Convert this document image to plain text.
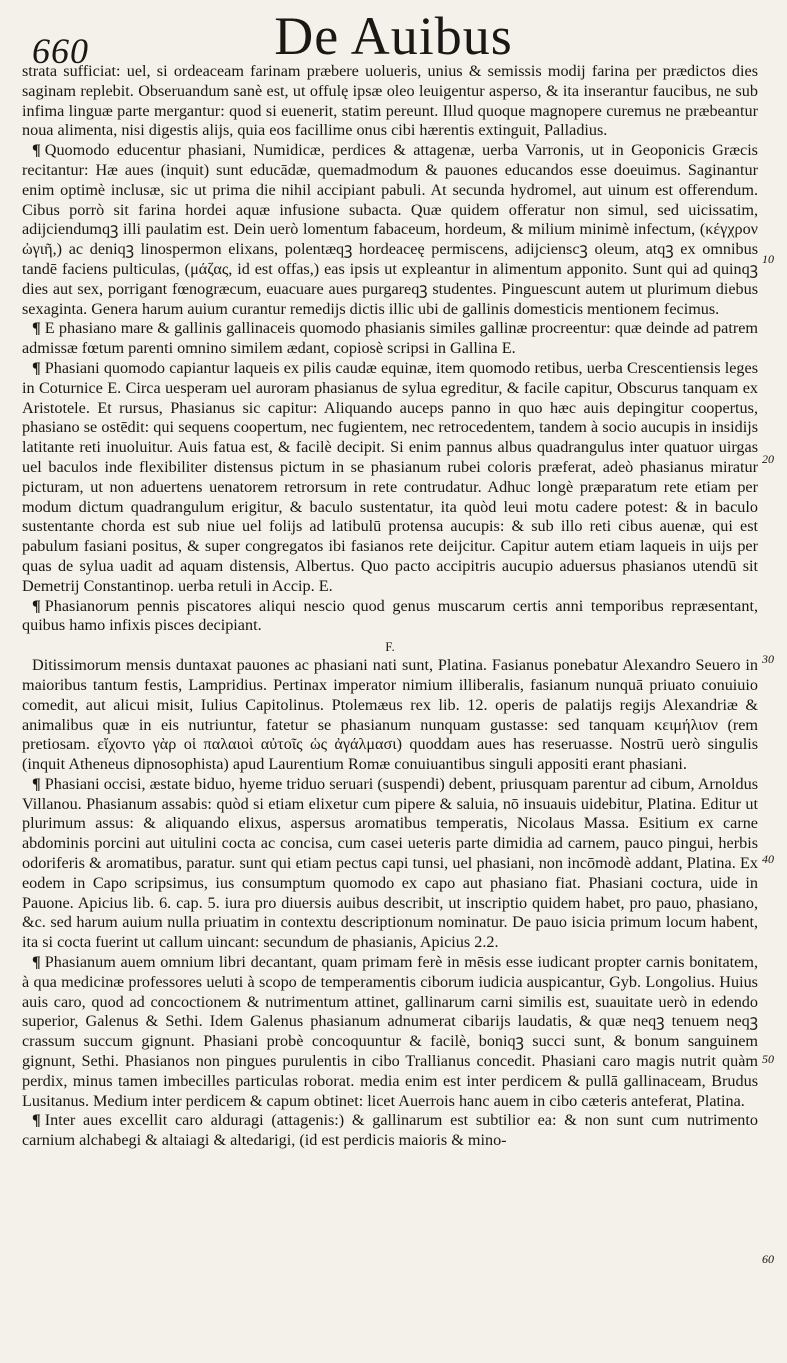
660	De Auibus

strata sufficiat: uel, si ordeaceam farinam præbere uolueris, unius & semissis modij farina per prædictos dies saginam replebit. Obseruandum sanè est, ut offulę ipsæ oleo leuigentur asperso, & ita inserantur faucibus, ne sub infima linguæ parte mergantur: quod si euenerit, statim pereunt. Illud quoque magnopere curemus ne præbeantur noua alimenta, nisi digestis alijs, quia eos facillime onus cibi hærentis extinguit, Palladius.

¶ Quomodo educentur phasiani, Numidicæ, perdices & attagenæ, uerba Varronis, ut in Geoponicis Græcis recitantur: Hæ aues (inquit) sunt educādæ, quemadmodum & pauones educandos esse doeuimus. Saginantur enim optimè inclusæ, sic ut prima die nihil accipiant pabuli. At secunda hydromel, aut uinum est offerendum. Cibus porrò sit farina hordei aquæ infusione subacta. Quæ quidem offeratur non simul, sed uicissatim, adijciendumqꝫ illi paulatim est. Dein uerò lomentum fabaceum, hordeum, & milium minimè infectum, (κέγχρον ὠγιῆ,) ac deniqꝫ linospermon elixans, polentæqꝫ hordeaceę permiscens, adijcienscꝫ oleum, atqꝫ ex omnibus tandē faciens pulticulas, (μάζας, id est offas,) eas ipsis ut expleantur in alimentum apponito. Sunt qui ad quinqꝫ dies aut sex, porrigant fœnogræcum, euacuare aues purgareqꝫ studentes. Pinguescunt autem ut plurimum diebus sexaginta. Genera harum auium curantur remedijs dictis illic ubi de gallinis domesticis mentionem fecimus.

¶ E phasiano mare & gallinis gallinaceis quomodo phasianis similes gallinæ procreentur: quæ deinde ad patrem admissæ fœtum parenti omnino similem ædant, copiosè scripsi in Gallina E.

¶ Phasiani quomodo capiantur laqueis ex pilis caudæ equinæ, item quomodo retibus, uerba Crescentiensis leges in Coturnice E. Circa uesperam uel auroram phasianus de sylua egreditur, & facile capitur, Obscurus tanquam ex Aristotele. Et rursus, Phasianus sic capitur: Aliquando auceps panno in quo hæc auis depingitur coopertus, phasiano se ostēdit: qui sequens coopertum, nec fugientem, nec retrocedentem, tandem à socio aucupis in insidijs latitante reti inuoluitur. Auis fatua est, & facilè decipit. Si enim pannus albus quadrangulus inter quatuor uirgas uel baculos inde flexibiliter distensus pictum in se phasianum rubei coloris præferat, adeò phasianus miratur picturam, ut non aduertens uenatorem retrorsum in rete contrudatur. Adhuc longè præparatum rete etiam per modum dictum quadrangulum erigitur, & baculo sustentatur, ita quòd leui motu cadere potest: & in baculo sustentante chorda est sub niue uel folijs ad latibulū protensa aucupis: & sub illo reti cibus auenæ, qui est pabulum fasiani positus, & super congregatos ibi fasianos rete deijcitur. Capitur autem etiam laqueis in uijs per quas de sylua uadit ad aquam distensis, Albertus. Quo pacto accipitris aucupio aduersus phasianos utendū sit Demetrij Constantinop. uerba retuli in Accip. E.

¶ Phasianorum pennis piscatores aliqui nescio quod genus muscarum certis anni temporibus repræsentant, quibus hamo infixis pisces decipiant.

F.

Ditissimorum mensis duntaxat pauones ac phasiani nati sunt, Platina. Fasianus ponebatur Alexandro Seuero in maioribus tantum festis, Lampridius. Pertinax imperator nimium illiberalis, fasianum nunquā priuato conuiuio comedit, aut alicui misit, Iulius Capitolinus. Ptolemæus rex lib. 12. operis de palatijs regijs Alexandriæ & animalibus quæ in eis nutriuntur, fatetur se phasianum nunquam gustasse: sed tanquam κειμήλιον (rem pretiosam. εἴχοντο γὰρ οἱ παλαιοὶ αὐτοῖς ὡς ἀγάλμασι) quoddam aues has reseruasse. Nostrū uerò singulis (inquit Atheneus dipnosophista) apud Laurentium Romæ conuiuantibus singuli appositi erant phasiani.

¶ Phasiani occisi, æstate biduo, hyeme triduo seruari (suspendi) debent, priusquam parentur ad cibum, Arnoldus Villanou. Phasianum assabis: quòd si etiam elixetur cum pipere & saluia, nō insuauis uidebitur, Platina. Editur ut plurimum assus: & aliquando elixus, aspersus aromatibus temperatis, Nicolaus Massa. Esitium ex carne abdominis porcini aut uitulini cocta ac concisa, cum casei ueteris parte dimidia ad carnem, pauco pingui, herbis odoriferis & aromatibus, paratur. sunt qui etiam pectus capi tunsi, uel phasiani, non incōmodè addant, Platina. Ex eodem in Capo scripsimus, ius consumptum quomodo ex capo aut phasiano fiat. Phasiani coctura, uide in Pauone. Apicius lib. 6. cap. 5. iura pro diuersis auibus describit, ut inscriptio quidem habet, pro pauo, phasiano, &c. sed harum auium nulla priuatim in contextu descriptionum nominatur. De pauo isicia primum locum habent, ita si cocta fuerint ut callum uincant: secundum de phasianis, Apicius 2.2.

¶ Phasianum auem omnium libri decantant, quam primam ferè in mēsis esse iudicant propter carnis bonitatem, à qua medicinæ professores ueluti à scopo de temperamentis ciborum iudicia auspicantur, Gyb. Longolius. Huius auis caro, quod ad concoctionem & nutrimentum attinet, gallinarum carni similis est, suauitate uerò in edendo superior, Galenus & Sethi. Idem Galenus phasianum adnumerat cibarijs laudatis, & quæ neqꝫ tenuem neqꝫ crassum succum gignunt. Phasiani probè concoquuntur & facilè, boniqꝫ succi sunt, & bonum sanguinem gignunt, Sethi. Phasianos non pingues purulentis in cibo Trallianus concedit. Phasiani caro magis nutrit quàm perdix, minus tamen imbecilles particulas roborat. media enim est inter perdicem & pullā gallinaceam, Brudus Lusitanus. Medium inter perdicem & capum obtinet: licet Auerrois hanc auem in cibo cæteris anteferat, Platina.

¶ Inter aues excellit caro alduragi (attagenis:) & gallinarum est subtilior ea: & non sunt cum nutrimento carnium alchabegi & altaiagi & altedarigi, (id est perdicis maioris & mino-

10
20
30
40
50
60
